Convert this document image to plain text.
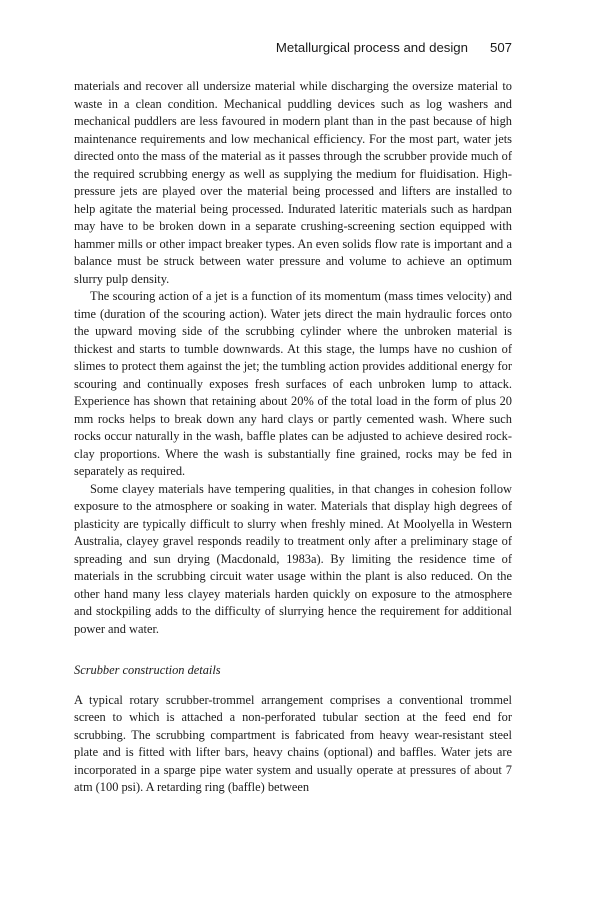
Metallurgical process and design 507

materials and recover all undersize material while discharging the oversize material to waste in a clean condition. Mechanical puddling devices such as log washers and mechanical puddlers are less favoured in modern plant than in the past because of high maintenance requirements and low mechanical efficiency. For the most part, water jets directed onto the mass of the material as it passes through the scrubber provide much of the required scrubbing energy as well as supplying the medium for fluidisation. High-pressure jets are played over the material being processed and lifters are installed to help agitate the material being processed. Indurated lateritic materials such as hardpan may have to be broken down in a separate crushing-screening section equipped with hammer mills or other impact breaker types. An even solids flow rate is important and a balance must be struck between water pressure and volume to achieve an optimum slurry pulp density.

The scouring action of a jet is a function of its momentum (mass times velocity) and time (duration of the scouring action). Water jets direct the main hydraulic forces onto the upward moving side of the scrubbing cylinder where the unbroken material is thickest and starts to tumble downwards. At this stage, the lumps have no cushion of slimes to protect them against the jet; the tumbling action provides additional energy for scouring and continually exposes fresh surfaces of each unbroken lump to attack. Experience has shown that retaining about 20% of the total load in the form of plus 20 mm rocks helps to break down any hard clays or partly cemented wash. Where such rocks occur naturally in the wash, baffle plates can be adjusted to achieve desired rock-clay proportions. Where the wash is substantially fine grained, rocks may be fed in separately as required.

Some clayey materials have tempering qualities, in that changes in cohesion follow exposure to the atmosphere or soaking in water. Materials that display high degrees of plasticity are typically difficult to slurry when freshly mined. At Moolyella in Western Australia, clayey gravel responds readily to treatment only after a preliminary stage of spreading and sun drying (Macdonald, 1983a). By limiting the residence time of materials in the scrubbing circuit water usage within the plant is also reduced. On the other hand many less clayey materials harden quickly on exposure to the atmosphere and stockpiling adds to the difficulty of slurrying hence the requirement for additional power and water.

Scrubber construction details

A typical rotary scrubber-trommel arrangement comprises a conventional trommel screen to which is attached a non-perforated tubular section at the feed end for scrubbing. The scrubbing compartment is fabricated from heavy wear-resistant steel plate and is fitted with lifter bars, heavy chains (optional) and baffles. Water jets are incorporated in a sparge pipe water system and usually operate at pressures of about 7 atm (100 psi). A retarding ring (baffle) between
